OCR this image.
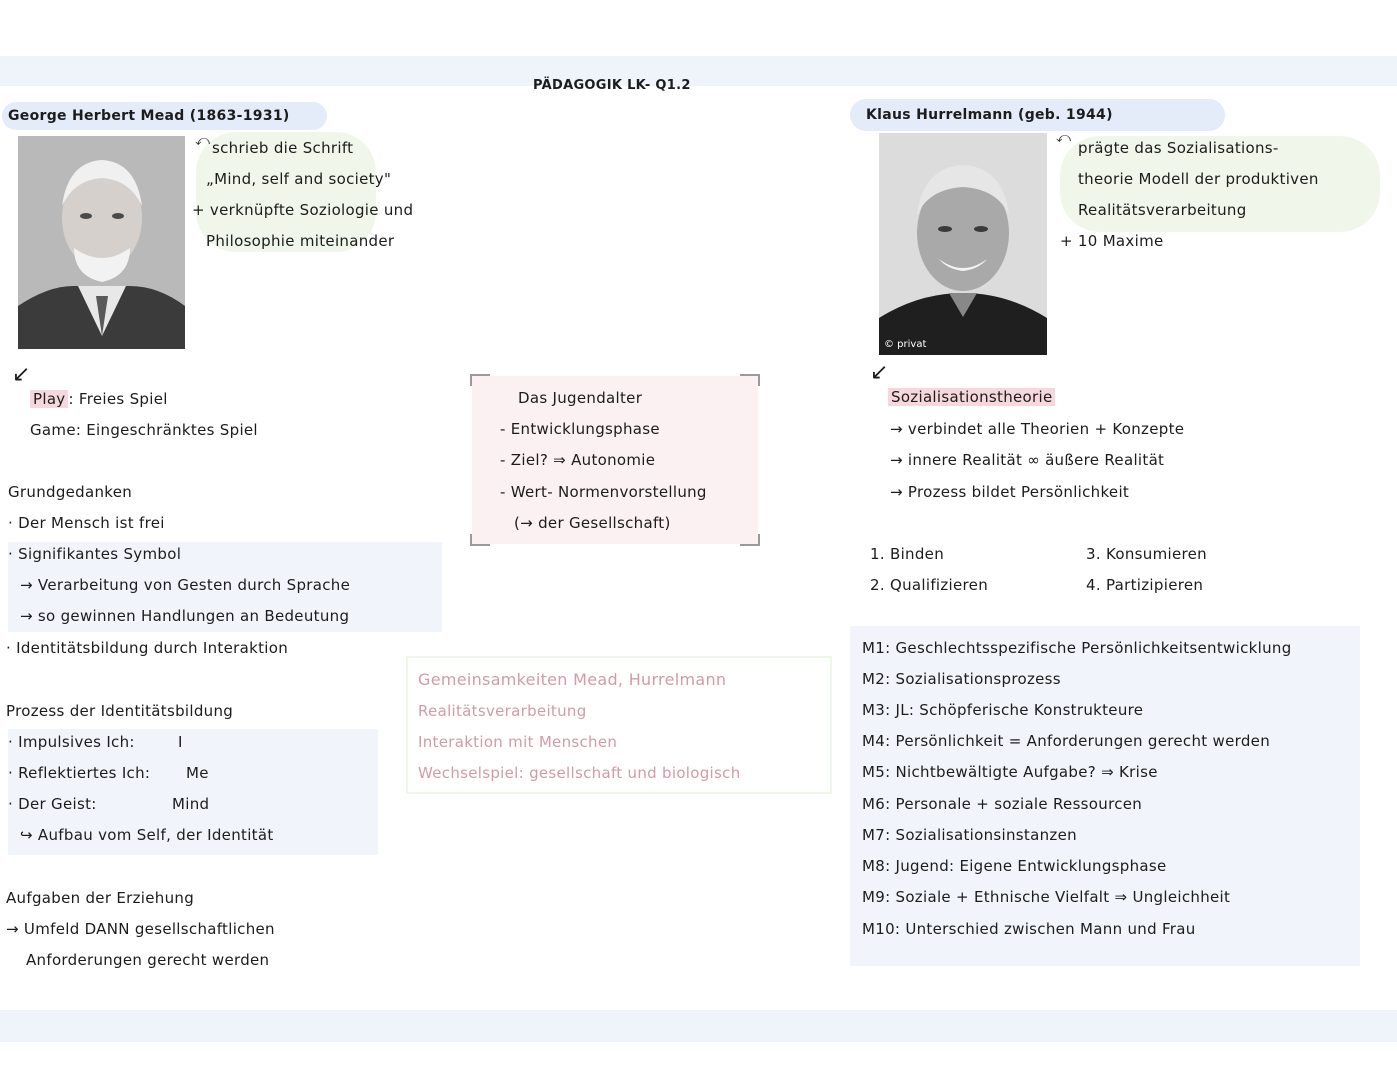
PÄDAGOGIK LK- Q1.2
George Herbert Mead (1863-1931)
⤺ schrieb die Schrift
„Mind, self and society"
+ verknüpfte Soziologie und
Philosophie miteinander
↙
Play : Freies Spiel
Game: Eingeschränktes Spiel
Grundgedanken
· Der Mensch ist frei
· Signifikantes Symbol
→ Verarbeitung von Gesten durch Sprache
→ so gewinnen Handlungen an Bedeutung
· Identitätsbildung durch Interaktion
Prozess der Identitätsbildung
· Impulsives Ich:	I
· Reflektiertes Ich: Me
· Der Geist:	Mind
↪ Aufbau vom Self, der Identität
Aufgaben der Erziehung
→ Umfeld DANN gesellschaftlichen
Anforderungen gerecht werden
Das Jugendalter
- Entwicklungsphase
- Ziel? ⇒ Autonomie
- Wert- Normenvorstellung
(→ der Gesellschaft)
Gemeinsamkeiten Mead, Hurrelmann
Realitätsverarbeitung
Interaktion mit Menschen
Wechselspiel: gesellschaft und biologisch
Klaus Hurrelmann (geb. 1944)
© privat
⤺
prägte das Sozialisations-
theorie Modell der produktiven
Realitätsverarbeitung
+ 10 Maxime
↙
Sozialisationstheorie
→ verbindet alle Theorien + Konzepte
→ innere Realität ∞ äußere Realität
→ Prozess bildet Persönlichkeit
1. Binden
2. Qualifizieren
3. Konsumieren
4. Partizipieren
M1: Geschlechtsspezifische Persönlichkeitsentwicklung
M2: Sozialisationsprozess
M3: JL: Schöpferische Konstrukteure
M4: Persönlichkeit = Anforderungen gerecht werden
M5: Nichtbewältigte Aufgabe? ⇒ Krise
M6: Personale + soziale Ressourcen
M7: Sozialisationsinstanzen
M8: Jugend: Eigene Entwicklungsphase
M9: Soziale + Ethnische Vielfalt ⇒ Ungleichheit
M10: Unterschied zwischen Mann und Frau
